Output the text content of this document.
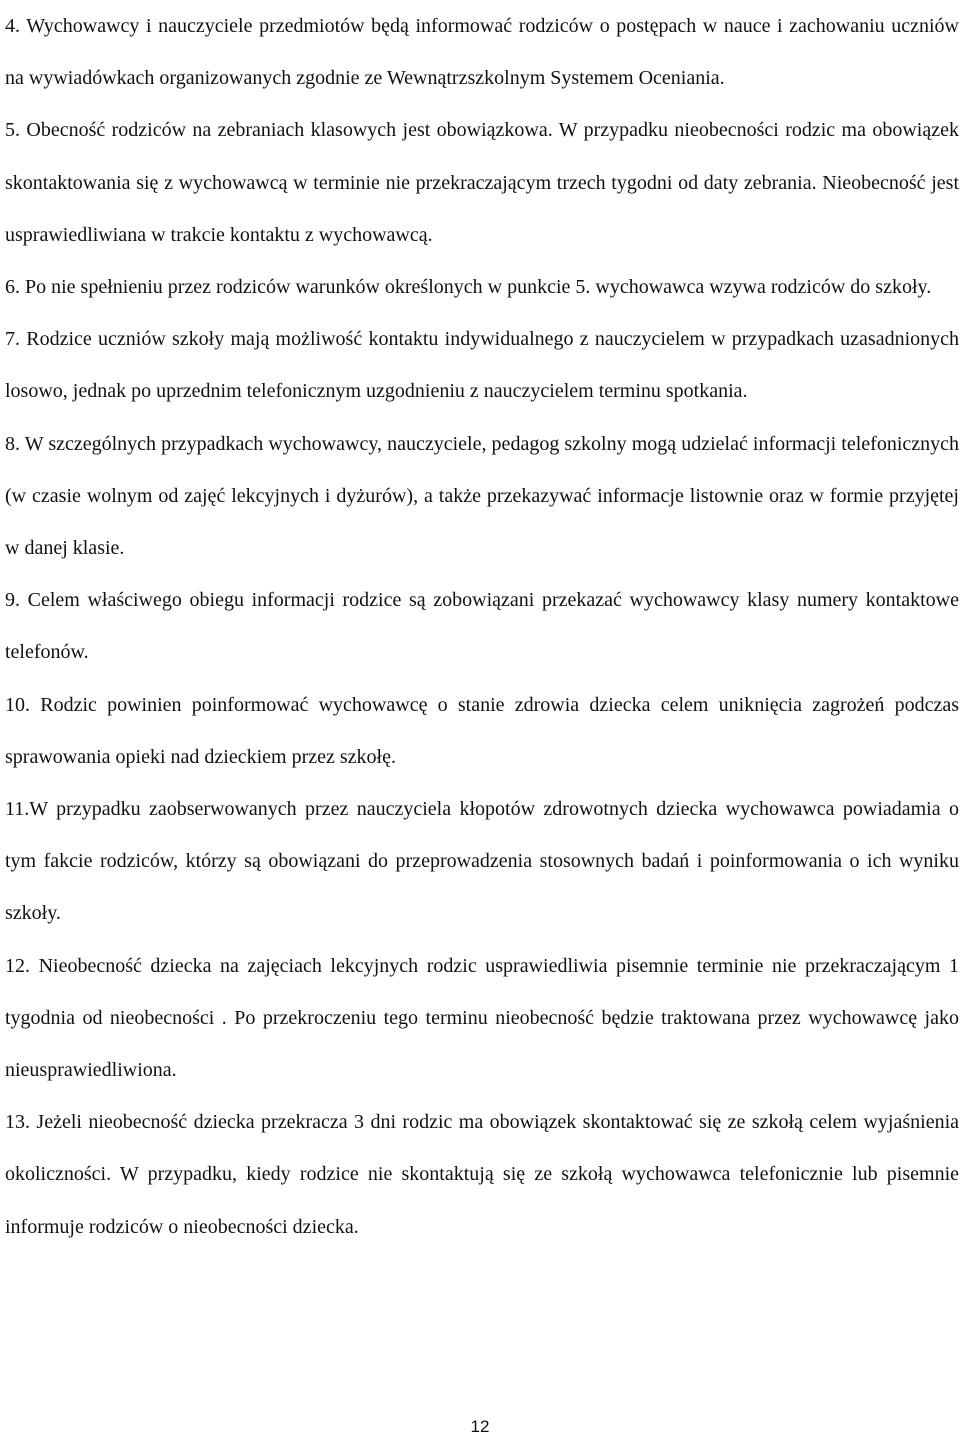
4. Wychowawcy i nauczyciele przedmiotów będą informować rodziców o postępach w nauce i zachowaniu uczniów na wywiadówkach organizowanych zgodnie ze Wewnątrzszkolnym Systemem Oceniania.

5. Obecność rodziców na zebraniach klasowych jest obowiązkowa. W przypadku nieobecności rodzic ma obowiązek skontaktowania się z wychowawcą w terminie nie przekraczającym trzech tygodni od daty zebrania. Nieobecność jest usprawiedliwiana w trakcie kontaktu z wychowawcą.

6. Po nie spełnieniu przez rodziców warunków określonych w punkcie 5. wychowawca wzywa rodziców do szkoły.

7. Rodzice uczniów szkoły mają możliwość kontaktu indywidualnego z nauczycielem w przypadkach uzasadnionych losowo, jednak po uprzednim telefonicznym uzgodnieniu z nauczycielem terminu spotkania.

8. W szczególnych przypadkach wychowawcy, nauczyciele, pedagog szkolny mogą udzielać informacji telefonicznych (w czasie wolnym od zajęć lekcyjnych i dyżurów), a także przekazywać informacje listownie oraz w formie przyjętej w danej klasie.

9. Celem właściwego obiegu informacji rodzice są zobowiązani przekazać wychowawcy klasy numery kontaktowe telefonów.

10. Rodzic powinien poinformować wychowawcę o stanie zdrowia dziecka celem uniknięcia zagrożeń podczas sprawowania opieki nad dzieckiem przez szkołę.

11.W przypadku zaobserwowanych przez nauczyciela kłopotów zdrowotnych dziecka wychowawca powiadamia o tym fakcie rodziców, którzy są obowiązani do przeprowadzenia stosownych badań i poinformowania o ich wyniku szkoły.

12. Nieobecność dziecka na zajęciach lekcyjnych rodzic usprawiedliwia pisemnie terminie nie przekraczającym 1 tygodnia od nieobecności . Po przekroczeniu tego terminu nieobecność będzie traktowana przez wychowawcę jako nieusprawiedliwiona.

13. Jeżeli nieobecność dziecka przekracza 3 dni rodzic ma obowiązek skontaktować się ze szkołą celem wyjaśnienia okoliczności. W przypadku, kiedy rodzice nie skontaktują się ze szkołą wychowawca telefonicznie lub pisemnie informuje rodziców o nieobecności dziecka.

12
